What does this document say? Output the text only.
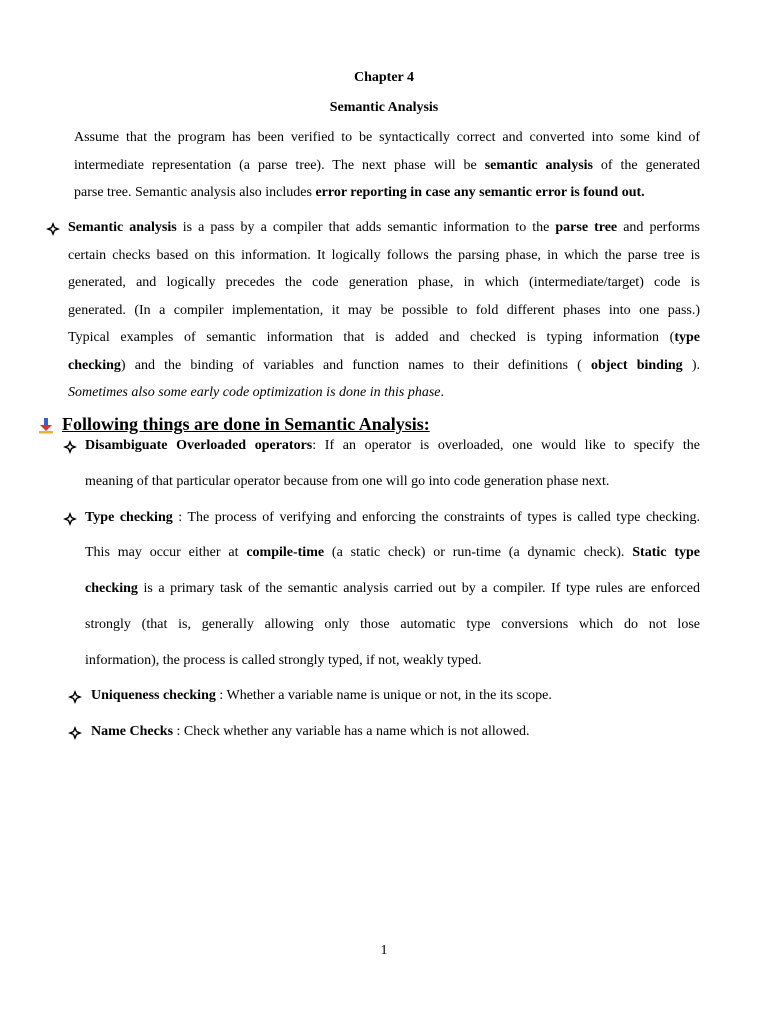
Chapter 4
Semantic Analysis
Assume that the program has been verified to be syntactically correct and converted into some kind of
intermediate representation (a parse tree). The next phase will be semantic analysis of the generated
parse tree. Semantic analysis also includes error reporting in case any semantic error is found out.
Semantic analysis is a pass by a compiler that adds semantic information to the parse tree and performs
certain checks based on this information. It logically follows the parsing phase, in which the parse tree is
generated, and logically precedes the code generation phase, in which (intermediate/target) code is
generated. (In a compiler implementation, it may be possible to fold different phases into one pass.)
Typical examples of semantic information that is added and checked is typing information (type
checking) and the binding of variables and function names to their definitions ( object binding ).
Sometimes also some early code optimization is done in this phase.
Following things are done in Semantic Analysis:
Disambiguate Overloaded operators: If an operator is overloaded, one would like to specify the
meaning of that particular operator because from one will go into code generation phase next.
Type checking : The process of verifying and enforcing the constraints of types is called type checking.
This may occur either at compile-time (a static check) or run-time (a dynamic check). Static type
checking is a primary task of the semantic analysis carried out by a compiler. If type rules are enforced
strongly (that is, generally allowing only those automatic type conversions which do not lose
information), the process is called strongly typed, if not, weakly typed.
Uniqueness checking : Whether a variable name is unique or not, in the its scope.
Name Checks : Check whether any variable has a name which is not allowed.
1
